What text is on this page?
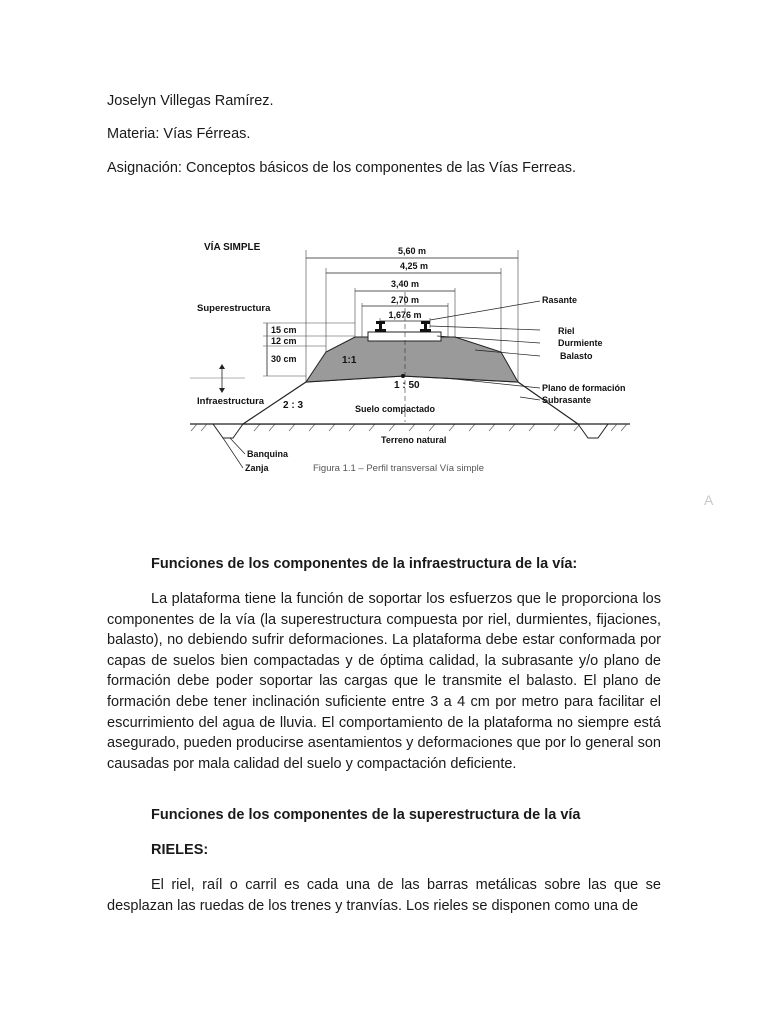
Joselyn Villegas Ramírez.
Materia: Vías Férreas.
Asignación: Conceptos básicos de los componentes de las Vías Ferreas.
VÍA SIMPLE	5,60 m
4,25 m
3,40 m
2,70 m
1,676 m
Superestructura
15 cm
12 cm
30 cm
Infraestructura
1:1
1 : 50
2 : 3	Suelo compactado
Terreno natural
Rasante
Riel
Durmiente
Balasto
Plano de formación
Subrasante
Banquina
Zanja	Figura 1.1 – Perfil transversal Vía simple
A
Funciones de los componentes de la infraestructura de la vía:
La plataforma tiene la función de soportar los esfuerzos que le proporciona los componentes de la vía (la superestructura compuesta por riel, durmientes, fijaciones, balasto), no debiendo sufrir deformaciones. La plataforma debe estar conformada por capas de suelos bien compactadas y de óptima calidad, la subrasante y/o plano de formación debe poder soportar las cargas que le transmite el balasto. El plano de formación debe tener inclinación suficiente entre 3 a 4 cm por metro para facilitar el escurrimiento del agua de lluvia. El comportamiento de la plataforma no siempre está asegurado, pueden producirse asentamientos y deformaciones que por lo general son causadas por mala calidad del suelo y compactación deficiente.
Funciones de los componentes de la superestructura de la vía
RIELES:
El riel, raíl o carril es cada una de las barras metálicas sobre las que se desplazan las ruedas de los trenes y tranvías. Los rieles se disponen como una de
